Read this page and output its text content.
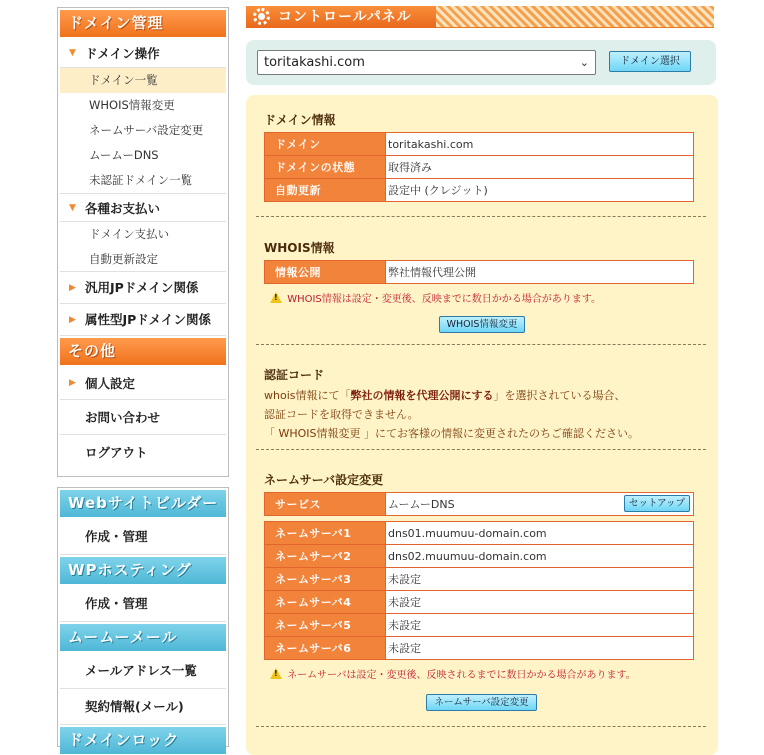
ドメイン管理
▼ ドメイン操作
ドメイン一覧
WHOIS情報変更
ネームサーバ設定変更
ムームーDNS
未認証ドメイン一覧
▼ 各種お支払い
ドメイン支払い
自動更新設定
▶ 汎用JPドメイン関係
▶ 属性型JPドメイン関係
その他
▶ 個人設定
お問い合わせ
ログアウト
Webサイトビルダー
作成・管理
WPホスティング
作成・管理
ムームーメール
メールアドレス一覧
契約情報(メール)
ドメインロック
コントロールパネル
toritakashi.com	⌄	ドメイン選択
ドメイン情報
ドメイン	toritakashi.com
ドメインの状態	取得済み
自動更新	設定中 (クレジット)
WHOIS情報
情報公開	弊社情報代理公開
! WHOIS情報は設定・変更後、反映までに数日かかる場合があります。
WHOIS情報変更
認証コード
whois情報にて「弊社の情報を代理公開にする」を選択されている場合、
認証コードを取得できません。
「 WHOIS情報変更 」にてお客様の情報に変更されたのちご確認ください。
ネームサーバ設定変更
サービス	ムームーDNS	セットアップ
ネームサーバ1	dns01.muumuu-domain.com
ネームサーバ2	dns02.muumuu-domain.com
ネームサーバ3	未設定
ネームサーバ4	未設定
ネームサーバ5	未設定
ネームサーバ6	未設定
! ネームサーバは設定・変更後、反映されるまでに数日かかる場合があります。
ネームサーバ設定変更
